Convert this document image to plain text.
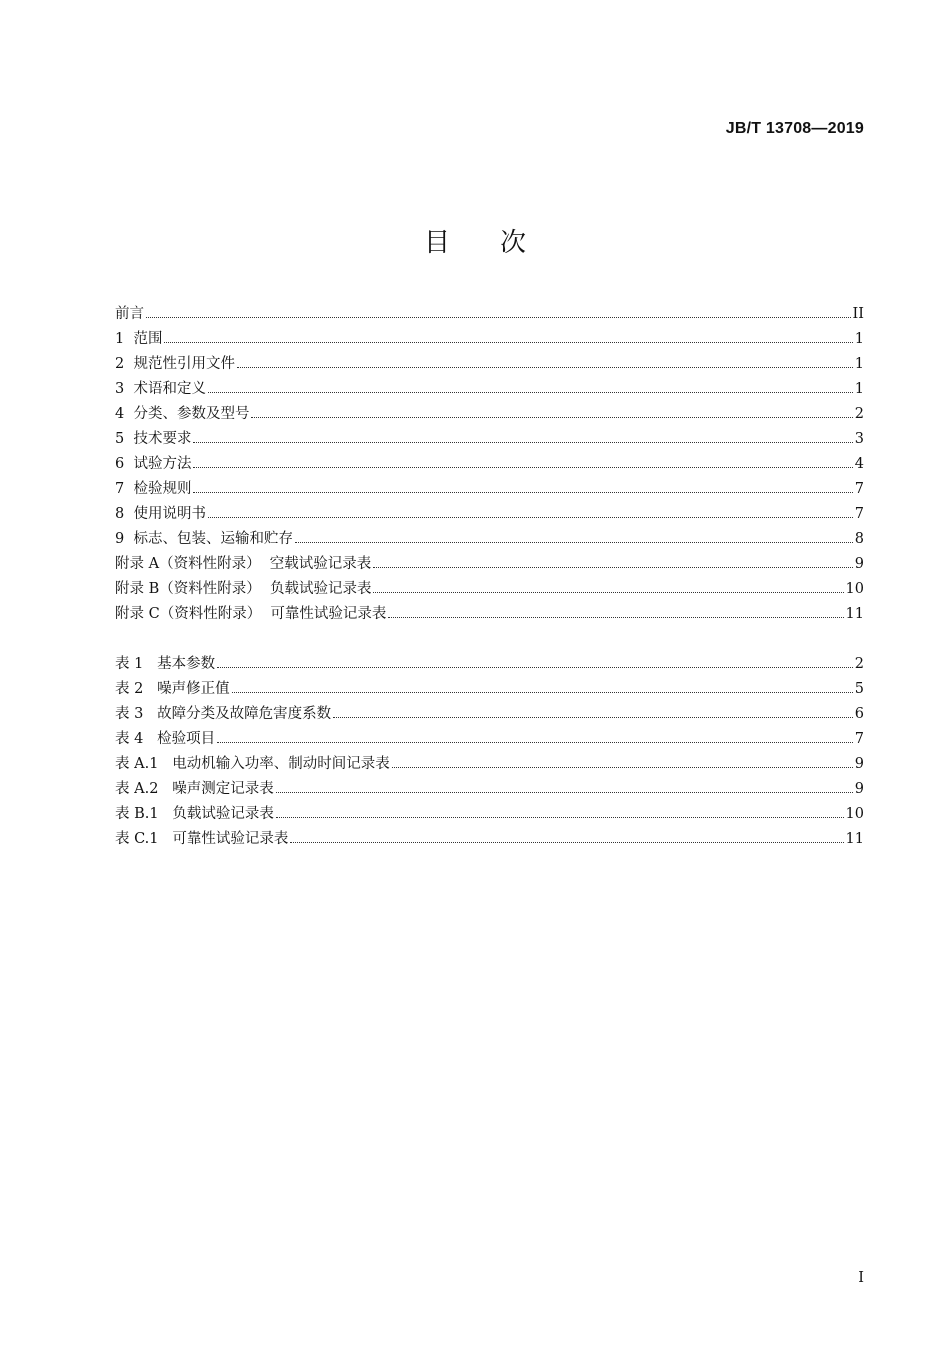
JB/T 13708—2019
目次
前言	II
1  范围	1
2  规范性引用文件	1
3  术语和定义	1
4  分类、参数及型号	2
5  技术要求	3
6  试验方法	4
7  检验规则	7
8  使用说明书	7
9  标志、包装、运输和贮存	8
附录 A（资料性附录）  空载试验记录表	9
附录 B（资料性附录）  负载试验记录表	10
附录 C（资料性附录）  可靠性试验记录表	11
表 1   基本参数	2
表 2   噪声修正值	5
表 3   故障分类及故障危害度系数	6
表 4   检验项目	7
表 A.1   电动机输入功率、制动时间记录表	9
表 A.2   噪声测定记录表	9
表 B.1   负载试验记录表	10
表 C.1   可靠性试验记录表	11
I
